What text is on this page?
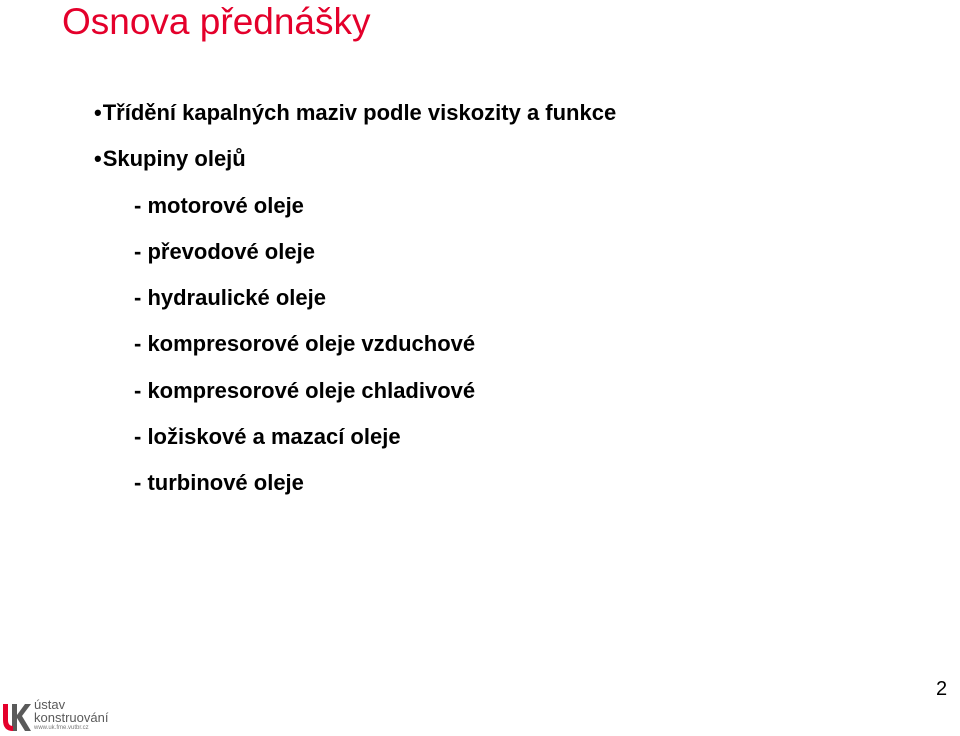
Osnova přednášky
• Třídění kapalných maziv podle viskozity a funkce
• Skupiny olejů
- motorové oleje
- převodové oleje
- hydraulické oleje
- kompresorové oleje vzduchové
- kompresorové oleje chladivové
- ložiskové a mazací oleje
- turbinové oleje
ústav
konstruování
www.uk.fme.vutbr.cz
2
